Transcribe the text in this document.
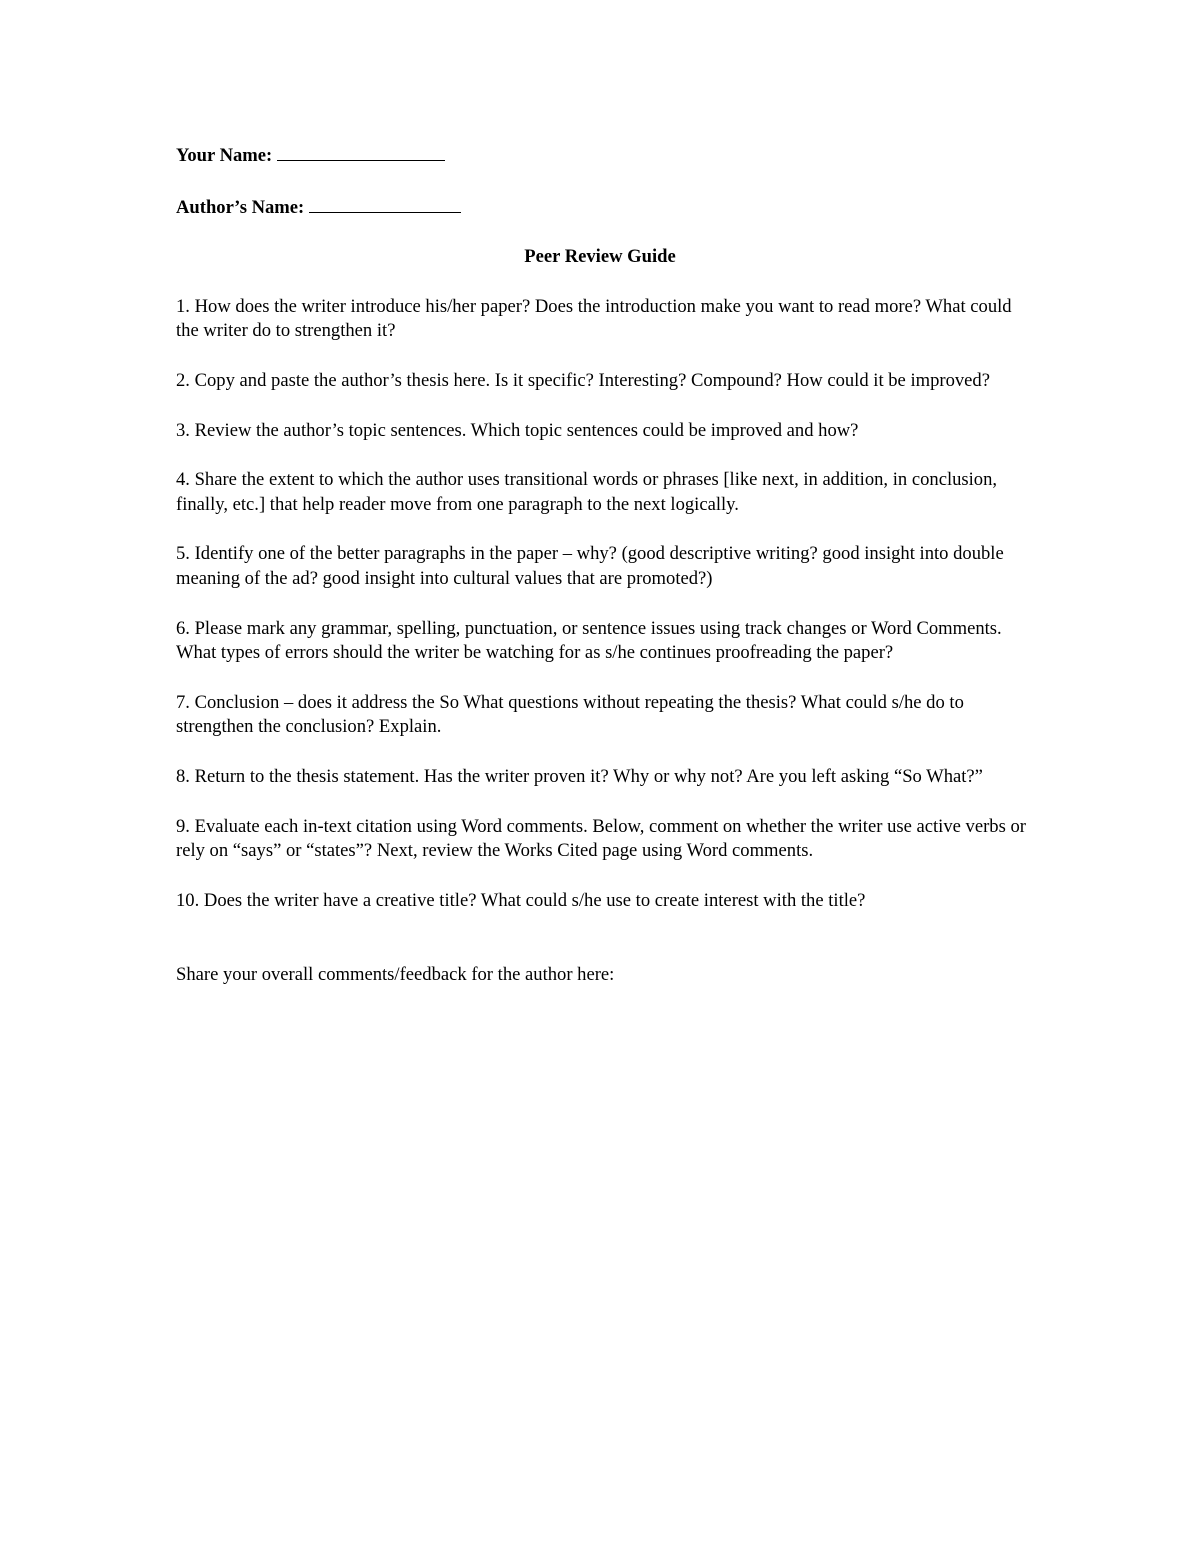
Your Name:
Author’s Name:
Peer Review Guide

1. How does the writer introduce his/her paper? Does the introduction make you want to read more? What could the writer do to strengthen it?

2. Copy and paste the author’s thesis here. Is it specific? Interesting? Compound? How could it be improved?

3. Review the author’s topic sentences. Which topic sentences could be improved and how?

4. Share the extent to which the author uses transitional words or phrases [like next, in addition, in conclusion, finally, etc.] that help reader move from one paragraph to the next logically.

5. Identify one of the better paragraphs in the paper – why? (good descriptive writing? good insight into double meaning of the ad? good insight into cultural values that are promoted?)

6. Please mark any grammar, spelling, punctuation, or sentence issues using track changes or Word Comments. What types of errors should the writer be watching for as s/he continues proofreading the paper?

7. Conclusion – does it address the So What questions without repeating the thesis? What could s/he do to strengthen the conclusion? Explain.

8. Return to the thesis statement. Has the writer proven it? Why or why not? Are you left asking “So What?”

9. Evaluate each in-text citation using Word comments. Below, comment on whether the writer use active verbs or rely on “says” or “states”? Next, review the Works Cited page using Word comments.

10. Does the writer have a creative title? What could s/he use to create interest with the title?

Share your overall comments/feedback for the author here:
